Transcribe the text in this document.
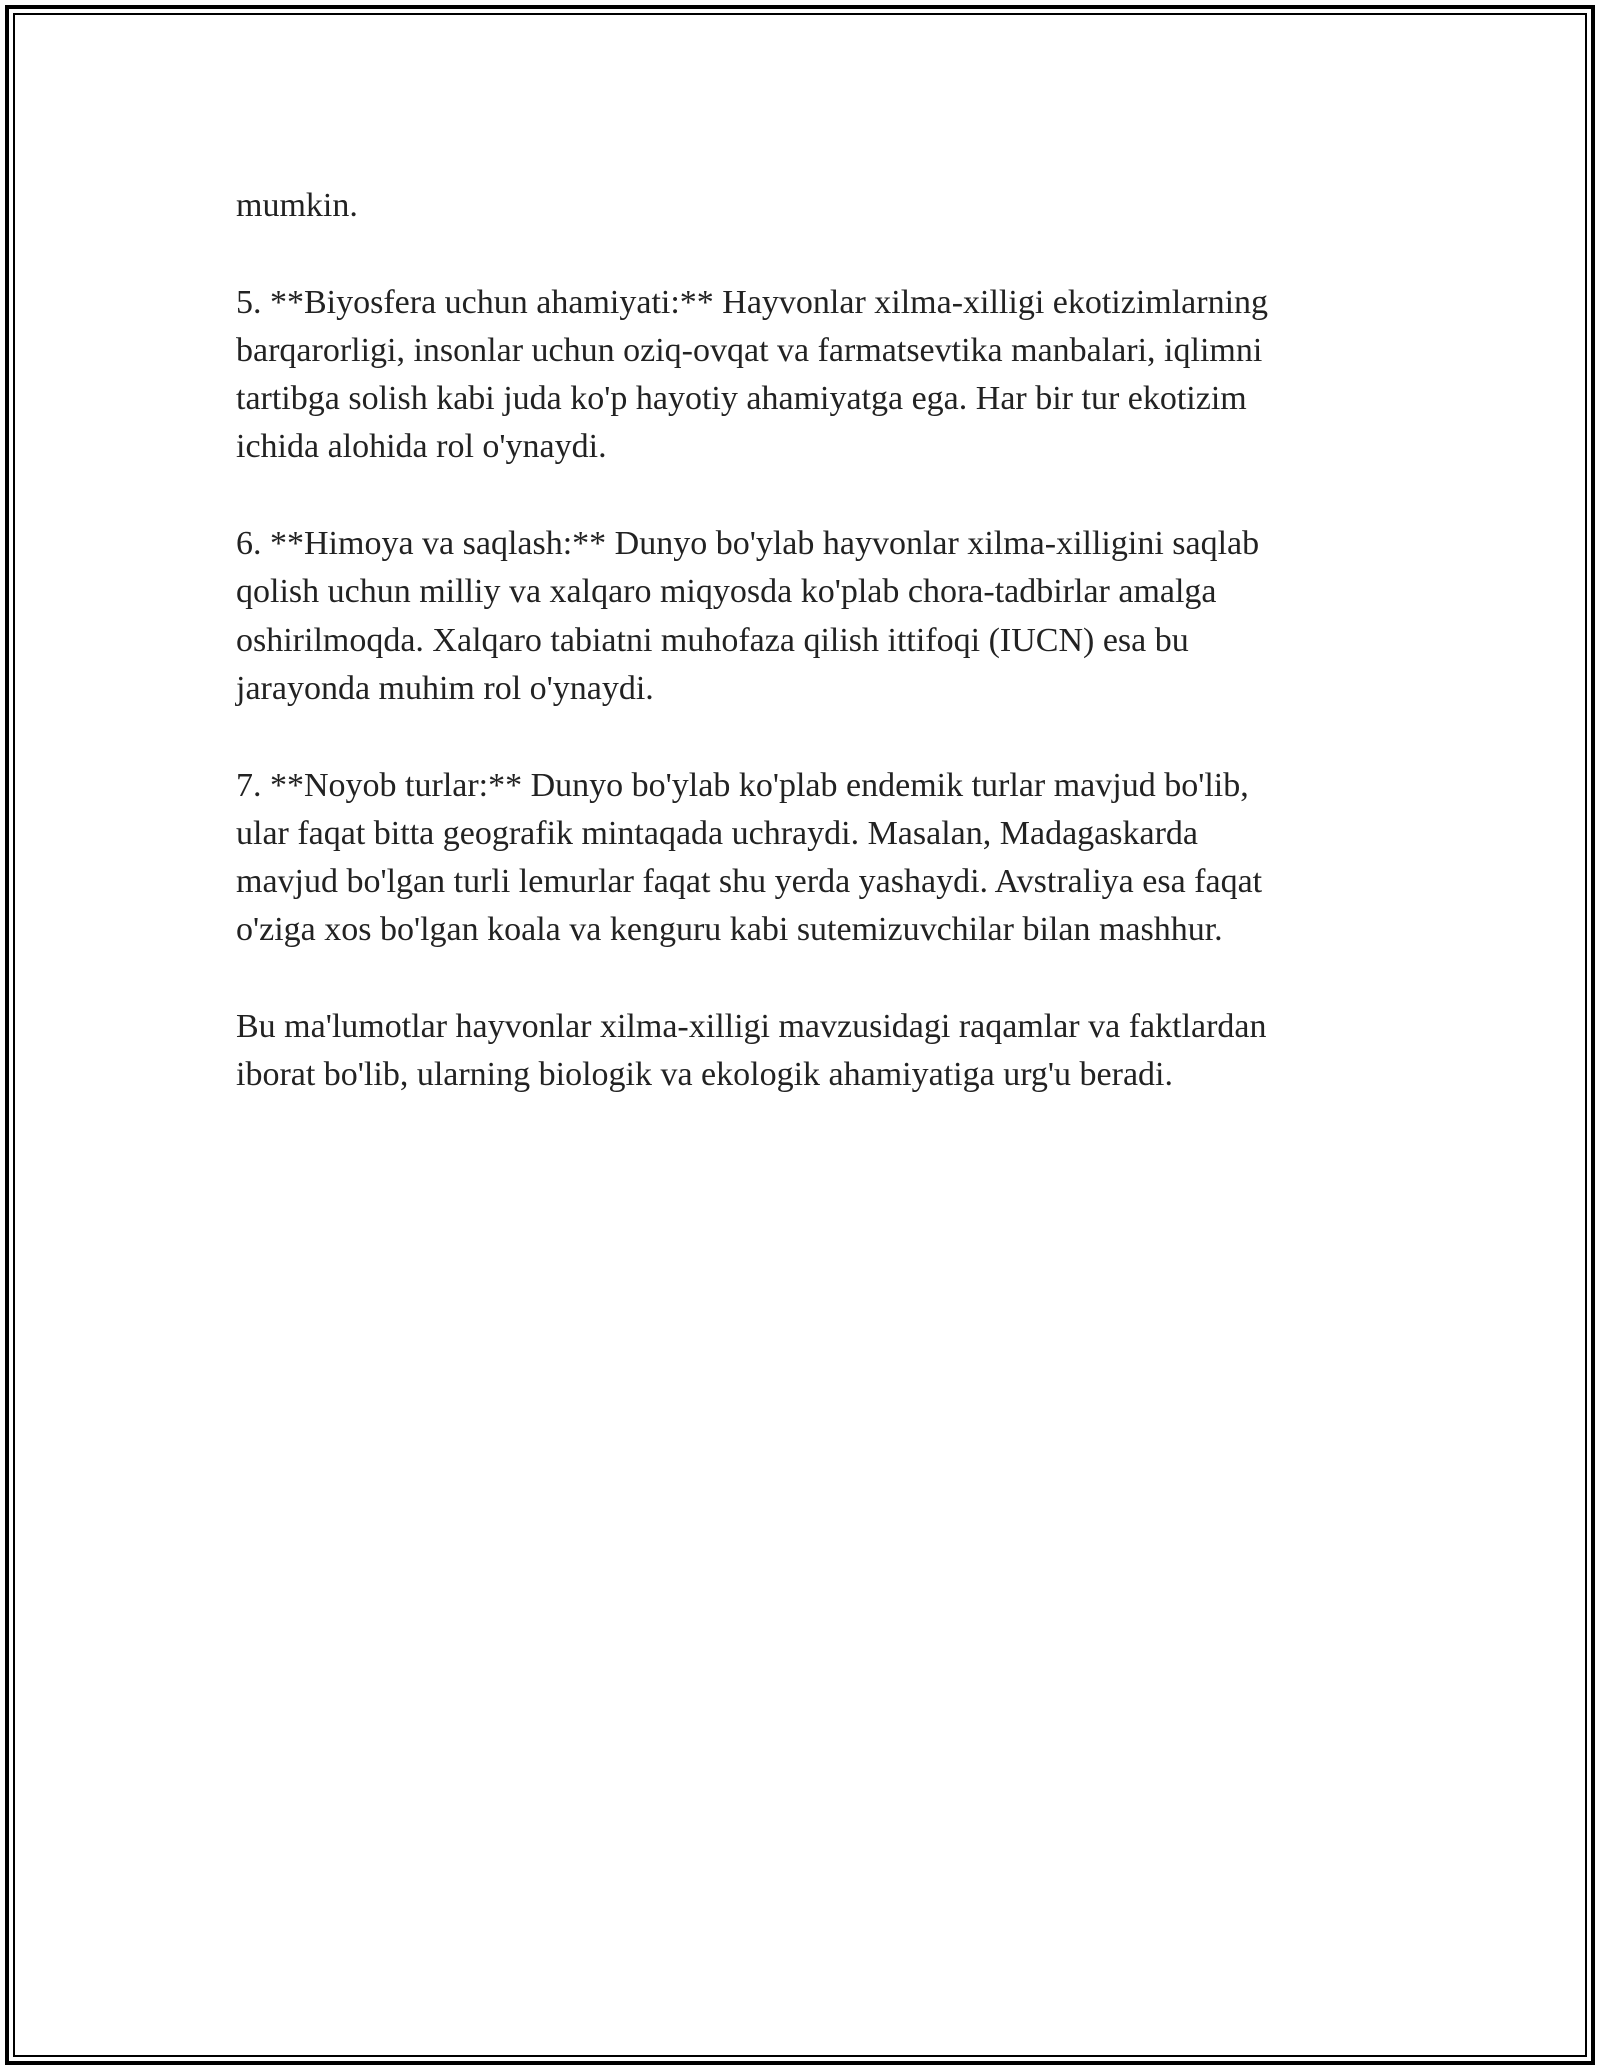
mumkin.

5. **Biyosfera uchun ahamiyati:** Hayvonlar xilma-xilligi ekotizimlarning
barqarorligi, insonlar uchun oziq-ovqat va farmatsevtika manbalari, iqlimni
tartibga solish kabi juda ko'p hayotiy ahamiyatga ega. Har bir tur ekotizim
ichida alohida rol o'ynaydi.

6. **Himoya va saqlash:** Dunyo bo'ylab hayvonlar xilma-xilligini saqlab
qolish uchun milliy va xalqaro miqyosda ko'plab chora-tadbirlar amalga
oshirilmoqda. Xalqaro tabiatni muhofaza qilish ittifoqi (IUCN) esa bu
jarayonda muhim rol o'ynaydi.

7. **Noyob turlar:** Dunyo bo'ylab ko'plab endemik turlar mavjud bo'lib,
ular faqat bitta geografik mintaqada uchraydi. Masalan, Madagaskarda
mavjud bo'lgan turli lemurlar faqat shu yerda yashaydi. Avstraliya esa faqat
o'ziga xos bo'lgan koala va kenguru kabi sutemizuvchilar bilan mashhur.

Bu ma'lumotlar hayvonlar xilma-xilligi mavzusidagi raqamlar va faktlardan
iborat bo'lib, ularning biologik va ekologik ahamiyatiga urg'u beradi.
